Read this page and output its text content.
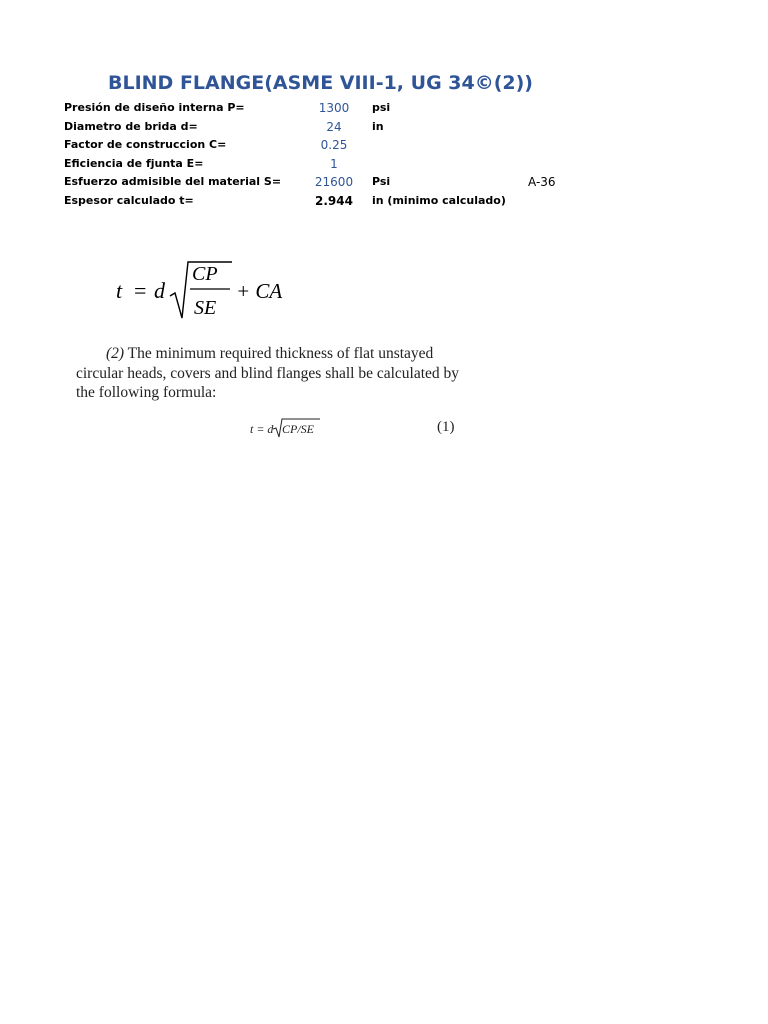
BLIND FLANGE(ASME VIII-1, UG 34©(2))
Presión de diseño interna P=	1300	psi
Diametro de brida d=	24	in
Factor de construccion C=	0.25
Eficiencia de fjunta E=	1
Esfuerzo admisible del material S=	21600	Psi	A-36
Espesor calculado t=	2.944	in (minimo calculado)
t = d
CP
SE
+ CA

(2) The minimum required thickness of flat unstayed circular heads, covers and blind flanges shall be calculated by the following formula:

t = d CP/SE	(1)
